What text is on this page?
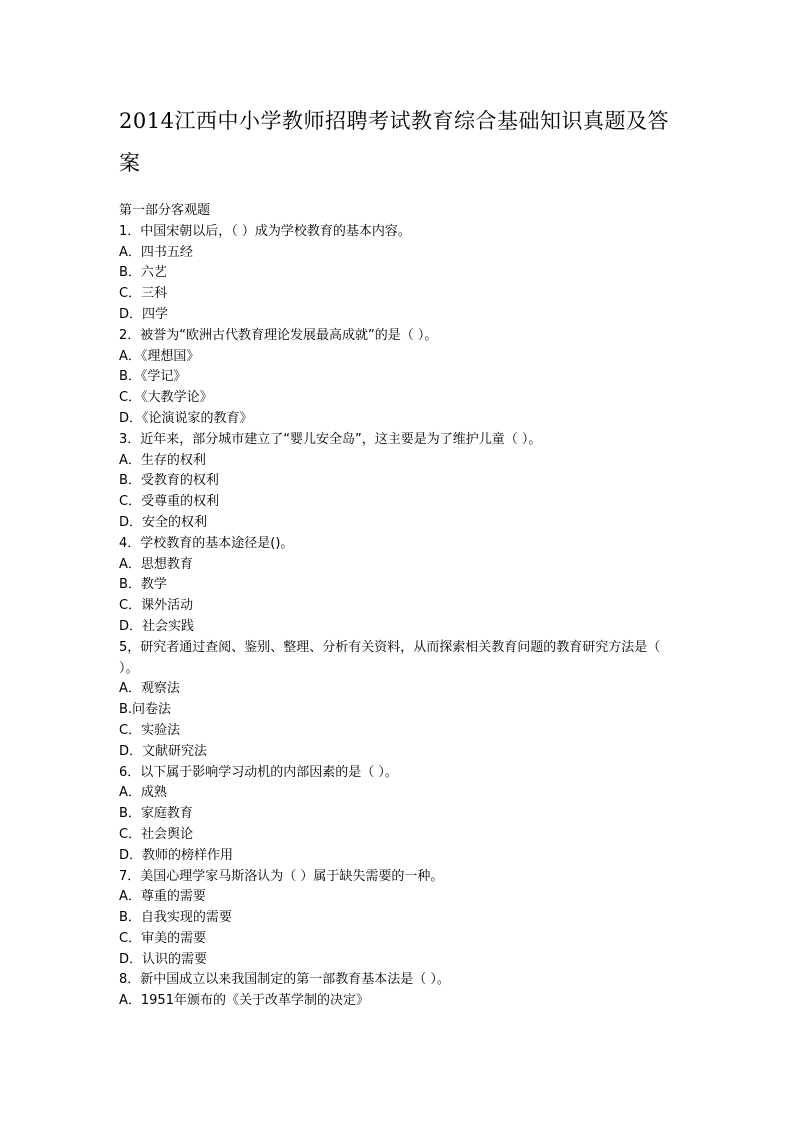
2014江西中小学教师招聘考试教育综合基础知识真题及答案

第一部分客观题

1．中国宋朝以后，（ ）成为学校教育的基本内容。

A．四书五经

B．六艺

C．三科

D．四学

2．被誉为“欧洲古代教育理论发展最高成就”的是（ ）。

A．《理想国》

B．《学记》

C．《大教学论》

D．《论演说家的教育》

3．近年来，部分城市建立了“婴儿安全岛”，这主要是为了维护儿童（ ）。

A．生存的权利

B．受教育的权利

C．受尊重的权利

D．安全的权利

4．学校教育的基本途径是()。

A．思想教育

B．教学

C．课外活动

D．社会实践

5，研究者通过查阅、鉴别、整理、分析有关资料，从而探索相关教育问题的教育研究方法是（ ）。

A．观察法

B.问卷法

C．实验法

D．文献研究法

6．以下属于影响学习动机的内部因素的是（ ）。

A．成熟

B．家庭教育

C．社会舆论

D．教师的榜样作用

7．美国心理学家马斯洛认为（ ）属于缺失需要的一种。

A．尊重的需要

B．自我实现的需要

C．审美的需要

D．认识的需要

8．新中国成立以来我国制定的第一部教育基本法是（ ）。

A．1951年颁布的《关于改革学制的决定》
